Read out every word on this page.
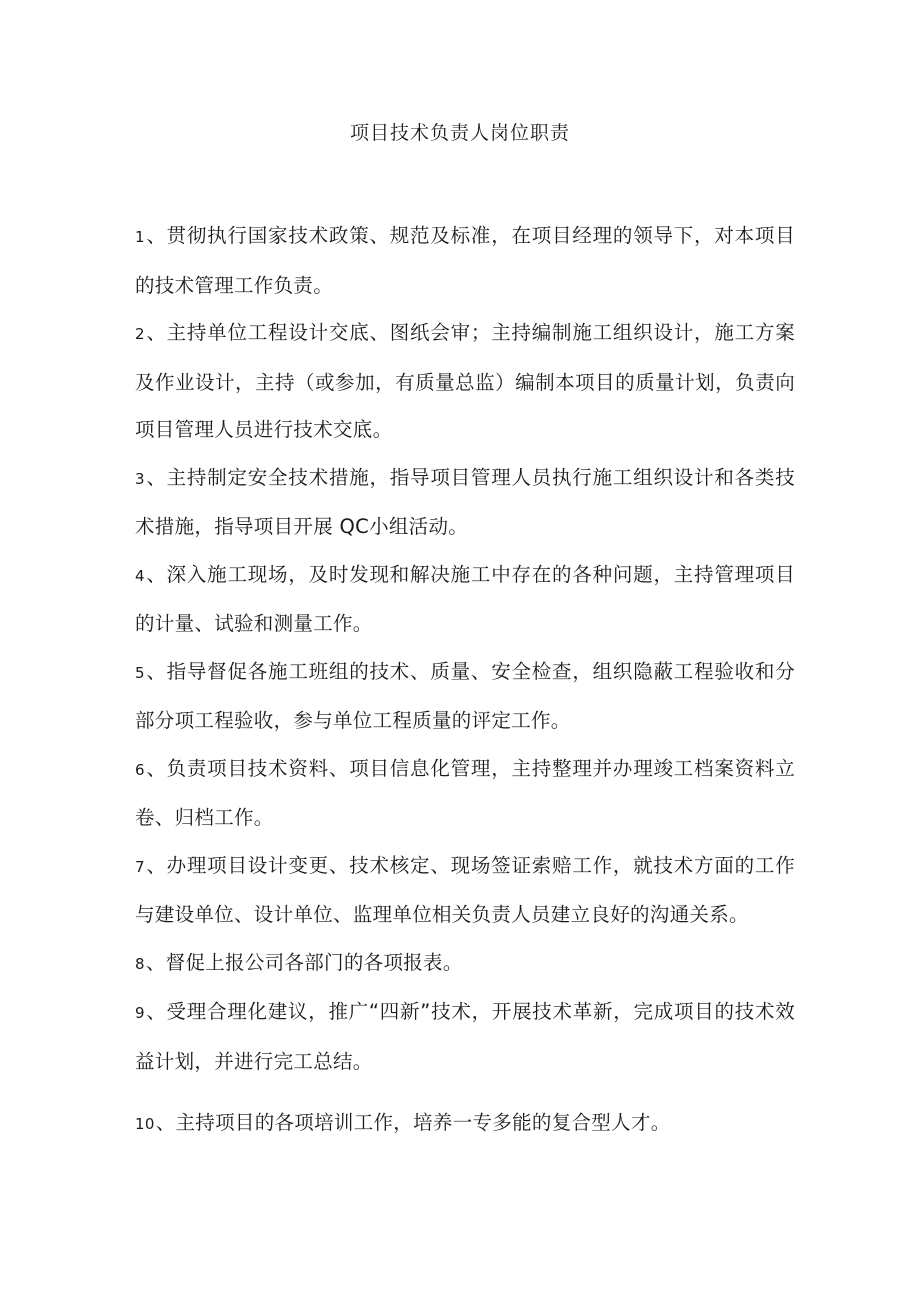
项目技术负责人岗位职责

1、贯彻执行国家技术政策、规范及标准，在项目经理的领导下，对本项目的技术管理工作负责。

2、主持单位工程设计交底、图纸会审；主持编制施工组织设计，施工方案及作业设计，主持（或参加，有质量总监）编制本项目的质量计划，负责向项目管理人员进行技术交底。

3、主持制定安全技术措施，指导项目管理人员执行施工组织设计和各类技术措施，指导项目开展 QC小组活动。

4、深入施工现场，及时发现和解决施工中存在的各种问题，主持管理项目的计量、试验和测量工作。

5、指导督促各施工班组的技术、质量、安全检查，组织隐蔽工程验收和分部分项工程验收，参与单位工程质量的评定工作。

6、负责项目技术资料、项目信息化管理，主持整理并办理竣工档案资料立卷、归档工作。

7、办理项目设计变更、技术核定、现场签证索赔工作，就技术方面的工作与建设单位、设计单位、监理单位相关负责人员建立良好的沟通关系。

8、督促上报公司各部门的各项报表。

9、受理合理化建议，推广“四新”技术，开展技术革新，完成项目的技术效益计划，并进行完工总结。

10、主持项目的各项培训工作，培养一专多能的复合型人才。
